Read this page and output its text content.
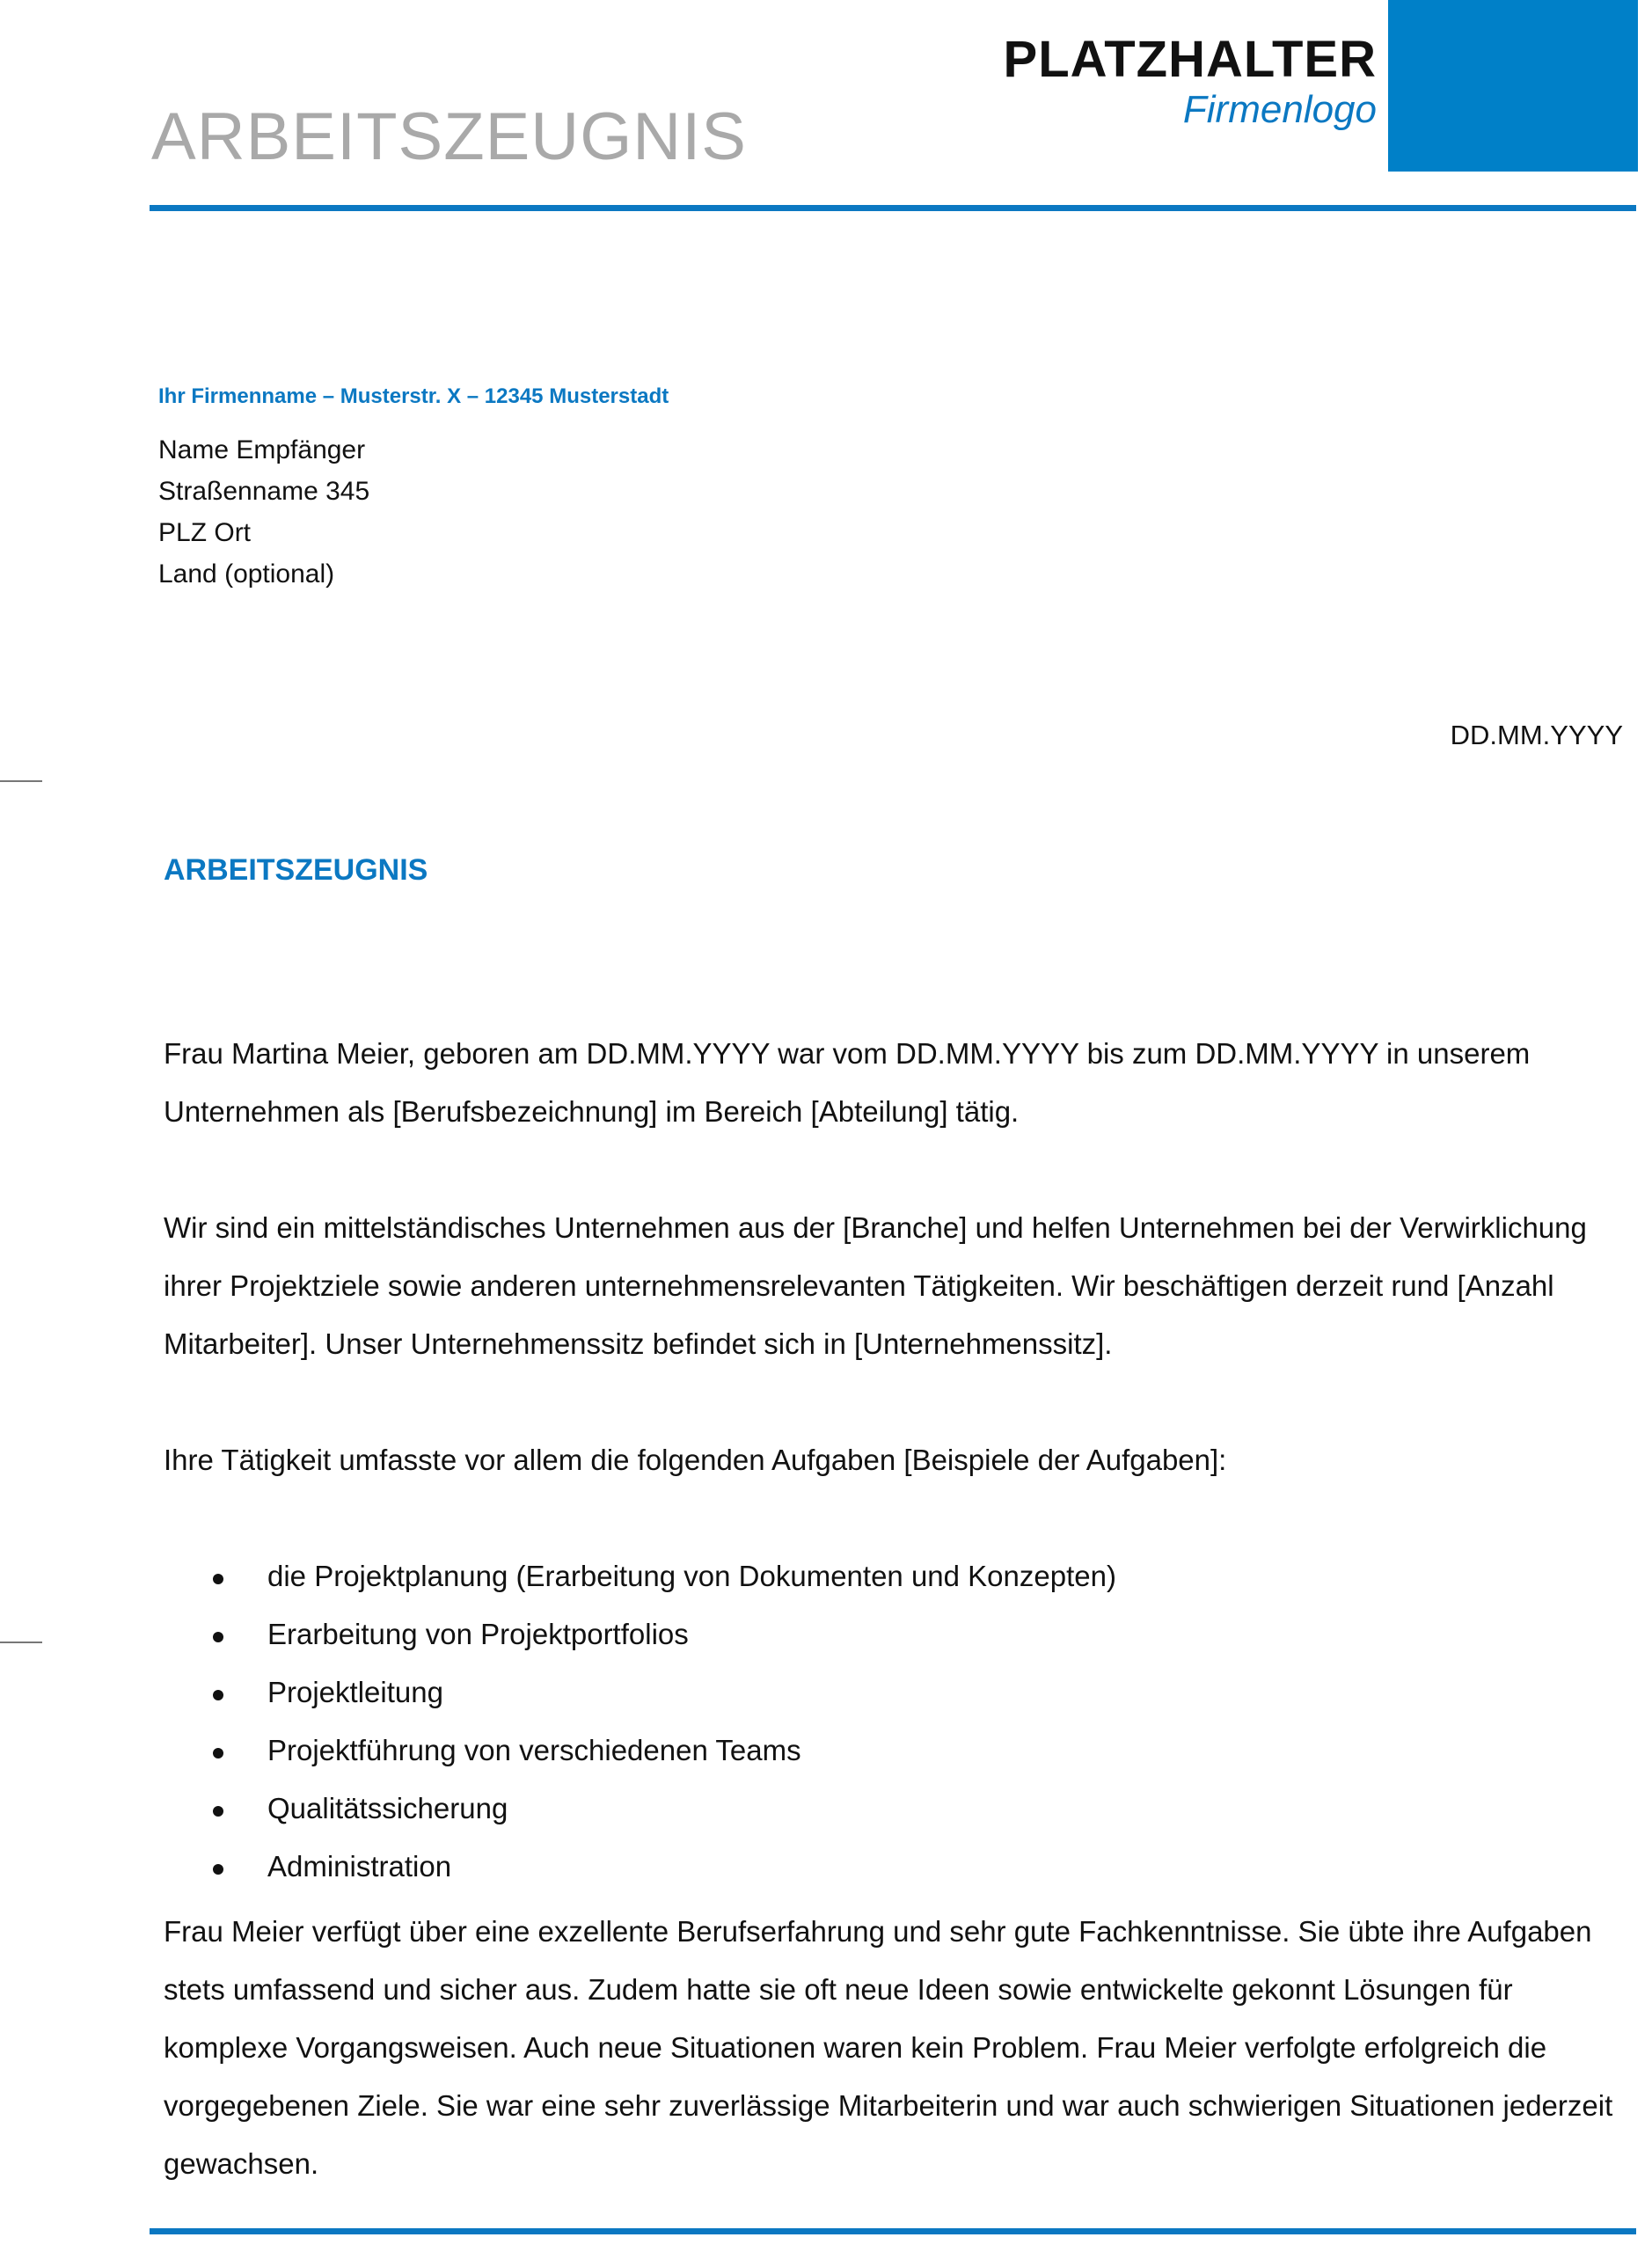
ARBEITSZEUGNIS
PLATZHALTER
Firmenlogo
Ihr Firmenname – Musterstr. X – 12345 Musterstadt
Name Empfänger
Straßenname 345
PLZ Ort
Land (optional)
DD.MM.YYYY
ARBEITSZEUGNIS

Frau Martina Meier, geboren am DD.MM.YYYY war vom DD.MM.YYYY bis zum DD.MM.YYYY in unserem Unternehmen als [Berufsbezeichnung] im Bereich [Abteilung] tätig.

Wir sind ein mittelständisches Unternehmen aus der [Branche] und helfen Unternehmen bei der Verwirklichung ihrer Projektziele sowie anderen unternehmensrelevanten Tätigkeiten. Wir beschäftigen derzeit rund [Anzahl Mitarbeiter]. Unser Unternehmenssitz befindet sich in [Unternehmenssitz].

Ihre Tätigkeit umfasste vor allem die folgenden Aufgaben [Beispiele der Aufgaben]:

die Projektplanung (Erarbeitung von Dokumenten und Konzepten)
Erarbeitung von Projektportfolios
Projektleitung
Projektführung von verschiedenen Teams
Qualitätssicherung
Administration

Frau Meier verfügt über eine exzellente Berufserfahrung und sehr gute Fachkenntnisse. Sie übte ihre Aufgaben stets umfassend und sicher aus. Zudem hatte sie oft neue Ideen sowie entwickelte gekonnt Lösungen für komplexe Vorgangsweisen. Auch neue Situationen waren kein Problem. Frau Meier verfolgte erfolgreich die vorgegebenen Ziele. Sie war eine sehr zuverlässige Mitarbeiterin und war auch schwierigen Situationen jederzeit gewachsen.
